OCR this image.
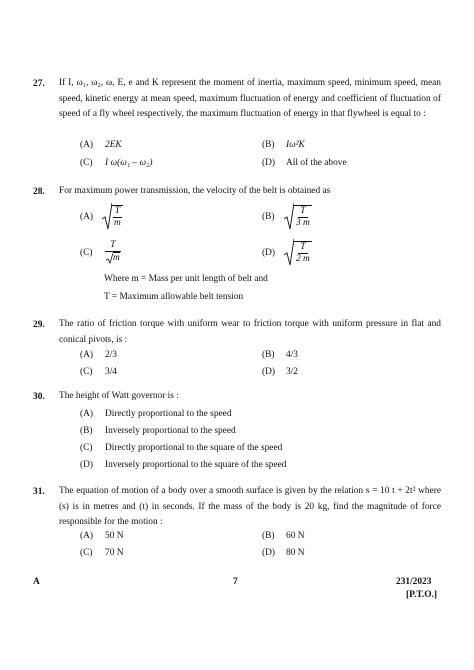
27. If I, ω₁, ω₂, ω, E, e and K represent the moment of inertia, maximum speed, minimum speed, mean speed, kinetic energy at mean speed, maximum fluctuation of energy and coefficient of fluctuation of speed of a fly wheel respectively, the maximum fluctuation of energy in that flywheel is equal to :
(A) 2EK	(B) Iω²K
(C) I ω(ω₁ – ω₂)	(D) All of the above
28. For maximum power transmission, the velocity of the belt is obtained as
$(A) \frac{T}{m}$	$(B) \frac{T}{3 m}$
$(C) \frac{T}{m}$	$(D) \frac{T}{2 m}$
Where m = Mass per unit length of belt and
T = Maximum allowable belt tension
29. The ratio of friction torque with uniform wear to friction torque with uniform pressure in flat and conical pivots, is :
(A) 2/3	(B) 4/3
(C) 3/4	(D) 3/2
30. The height of Watt governor is :
(A) Directly proportional to the speed
(B) Inversely proportional to the speed
(C) Directly proportional to the square of the speed
(D) Inversely proportional to the square of the speed
31. The equation of motion of a body over a smooth surface is given by the relation s = 10 t + 2t² where (s) is in metres and (t) in seconds. If the mass of the body is 20 kg, find the magnitude of force responsible for the motion :
(A) 50 N	(B) 60 N
(C) 70 N	(D) 80 N
A	7	231/2023
[P.T.O.]
